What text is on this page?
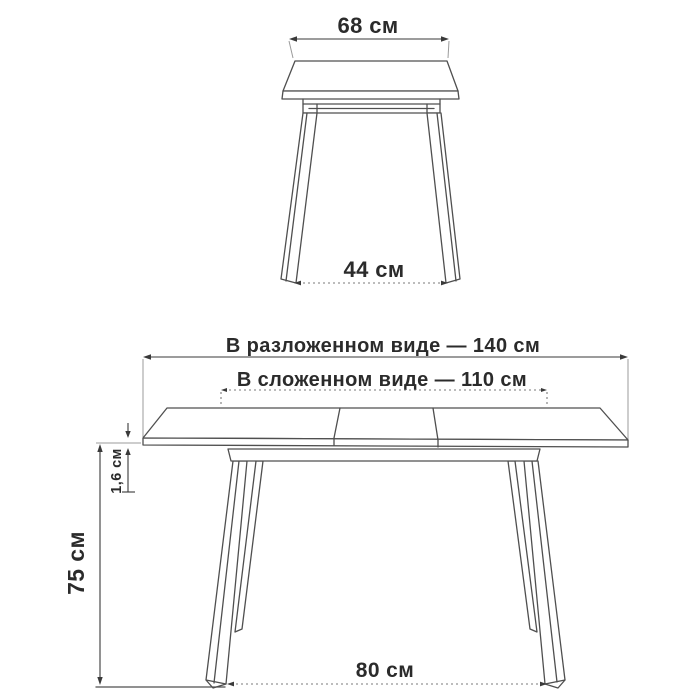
68 см
44 см
В разложенном виде — 140 см
В сложенном виде — 110 см
1,6 см
75 см
80 см
